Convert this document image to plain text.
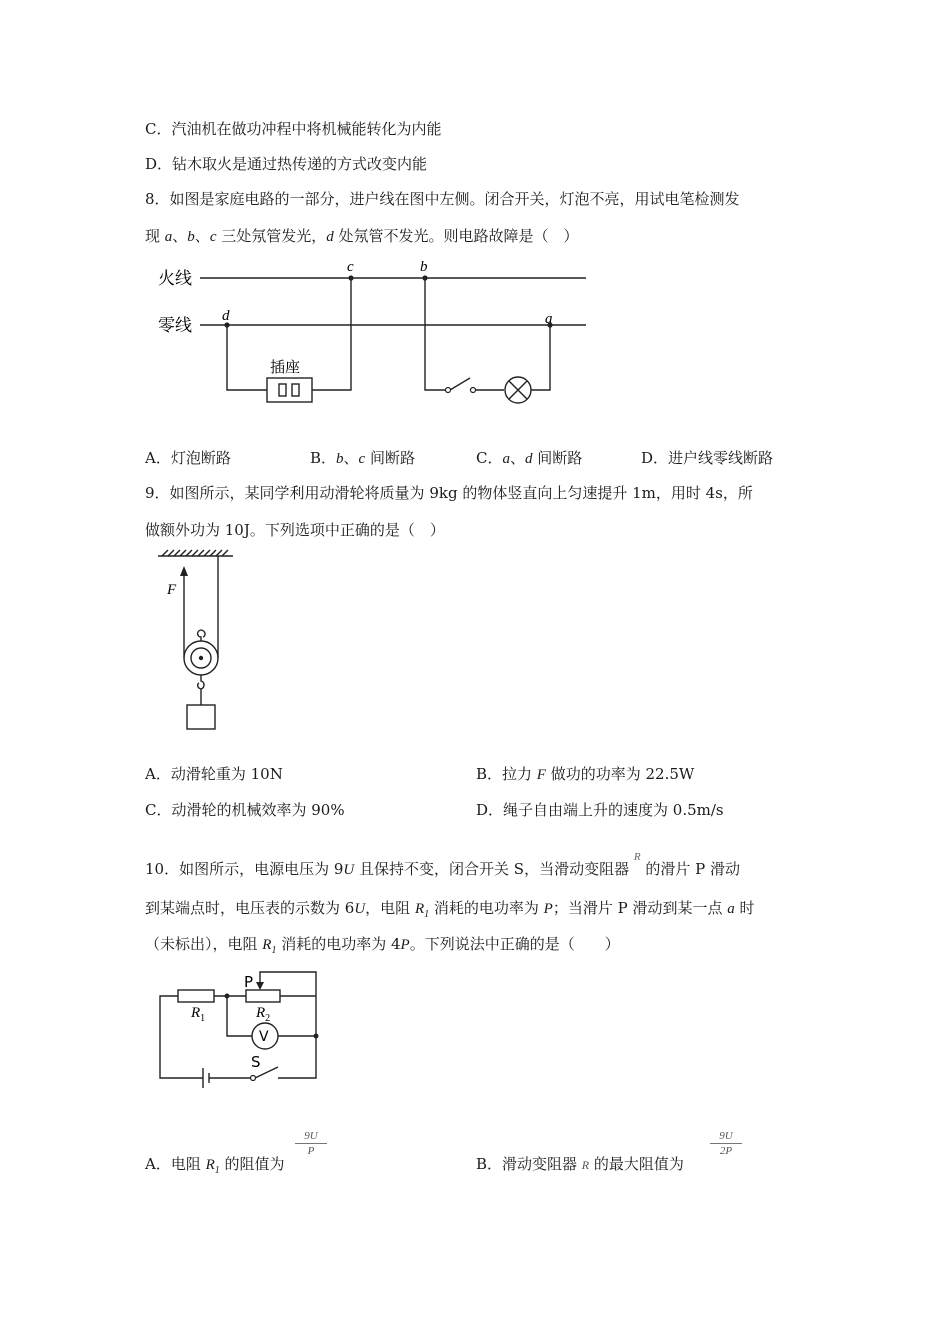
C．汽油机在做功冲程中将机械能转化为内能
D．钻木取火是通过热传递的方式改变内能
8．如图是家庭电路的一部分，进户线在图中左侧。闭合开关，灯泡不亮，用试电笔检测发
现 a、b、c 三处氖管发光，d 处氖管不发光。则电路故障是（　）
火线
零线
插座
c	b
d	a
A．灯泡断路	B．b、c 间断路	C．a、d 间断路	D．进户线零线断路
9．如图所示，某同学利用动滑轮将质量为 9kg 的物体竖直向上匀速提升 1m，用时 4s，所
做额外功为 10J。下列选项中正确的是（　）
F
A．动滑轮重为 10N	B．拉力 F 做功的功率为 22.5W
C．动滑轮的机械效率为 90%	D．绳子自由端上升的速度为 0.5m/s
10．如图所示，电源电压为 9U 且保持不变，闭合开关 S，当滑动变阻器 $^R$ 的滑片 P 滑动
到某端点时，电压表的示数为 6U，电阻 $R_1$ 消耗的电功率为 P；当滑片 P 滑动到某一点 a 时
（未标出），电阻 $R_1$ 消耗的电功率为 4P。下列说法中正确的是（　　）
P
$R_1$	$R_2$
V
S
A．电阻 $R_1$ 的阻值为
9U
P
B．滑动变阻器 R 的最大阻值为
9U
2P
